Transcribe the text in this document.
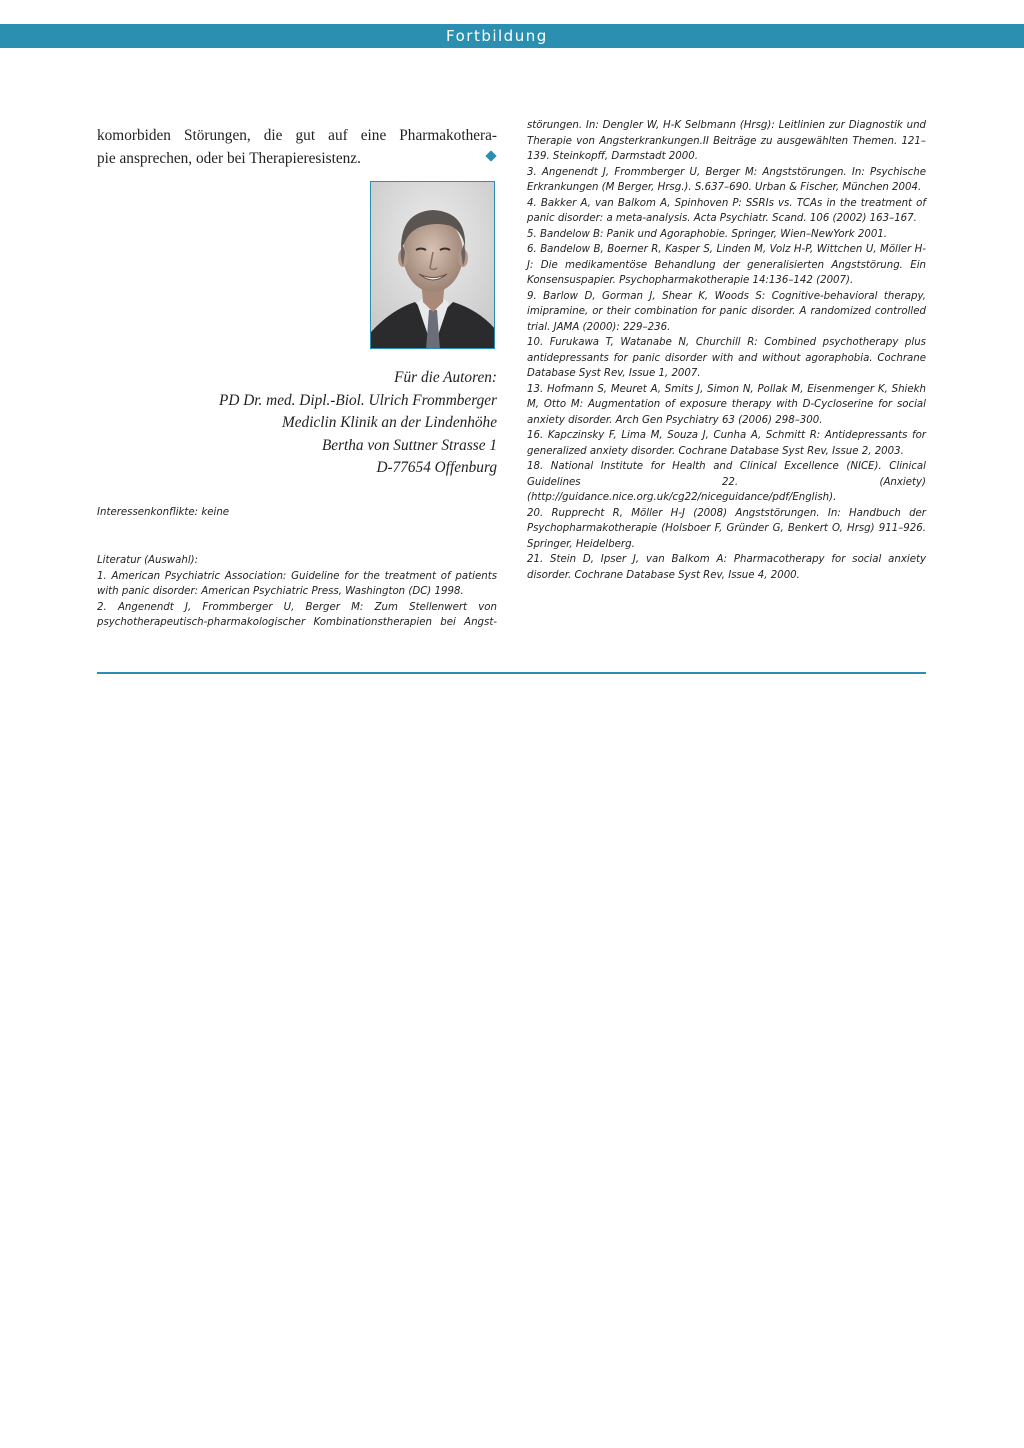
Fortbildung

komorbiden Störungen, die gut auf eine Pharmakothera-
pie ansprechen, oder bei Therapieresistenz.

Für die Autoren:
PD Dr. med. Dipl.-Biol. Ulrich Frommberger
Mediclin Klinik an der Lindenhöhe
Bertha von Suttner Strasse 1
D-77654 Offenburg
Interessenkonflikte: keine
Literatur (Auswahl):
1. American Psychiatric Association: Guideline for the treatment of patients with panic disorder: American Psychiatric Press, Washington (DC) 1998.
2. Angenendt J, Frommberger U, Berger M: Zum Stellenwert von psychotherapeutisch-pharmakologischer Kombinationstherapien bei Angst-
störungen. In: Dengler W, H-K Selbmann (Hrsg): Leitlinien zur Diagnostik und Therapie von Angsterkrankungen.II Beiträge zu ausgewählten Themen. 121–139. Steinkopff, Darmstadt 2000.
3. Angenendt J, Frommberger U, Berger M: Angststörungen. In: Psychische Erkrankungen (M Berger, Hrsg.). S.637–690. Urban & Fischer, München 2004.
4. Bakker A, van Balkom A, Spinhoven P: SSRIs vs. TCAs in the treatment of panic disorder: a meta-analysis. Acta Psychiatr. Scand. 106 (2002) 163–167.
5. Bandelow B: Panik und Agoraphobie. Springer, Wien–NewYork 2001.
6. Bandelow B, Boerner R, Kasper S, Linden M, Volz H-P, Wittchen U, Möller H-J: Die medikamentöse Behandlung der generalisierten Angststörung. Ein Konsensuspapier. Psychopharmakotherapie 14:136–142 (2007).
9. Barlow D, Gorman J, Shear K, Woods S: Cognitive-behavioral therapy, imipramine, or their combination for panic disorder. A randomized controlled trial. JAMA (2000): 229–236.
10. Furukawa T, Watanabe N, Churchill R: Combined psychotherapy plus antidepressants for panic disorder with and without agoraphobia. Cochrane Database Syst Rev, Issue 1, 2007.
13. Hofmann S, Meuret A, Smits J, Simon N, Pollak M, Eisenmenger K, Shiekh M, Otto M: Augmentation of exposure therapy with D-Cycloserine for social anxiety disorder. Arch Gen Psychiatry 63 (2006) 298–300.
16. Kapczinsky F, Lima M, Souza J, Cunha A, Schmitt R: Antidepressants for generalized anxiety disorder. Cochrane Database Syst Rev, Issue 2, 2003.
18. National Institute for Health and Clinical Excellence (NICE). Clinical Guidelines 22. (Anxiety) (http://guidance.nice.org.uk/cg22/niceguidance/pdf/English).
20. Rupprecht R, Möller H-J (2008) Angststörungen. In: Handbuch der Psychopharmakotherapie (Holsboer F, Gründer G, Benkert O, Hrsg) 911–926. Springer, Heidelberg.
21. Stein D, Ipser J, van Balkom A: Pharmacotherapy for social anxiety disorder. Cochrane Database Syst Rev, Issue 4, 2000.
